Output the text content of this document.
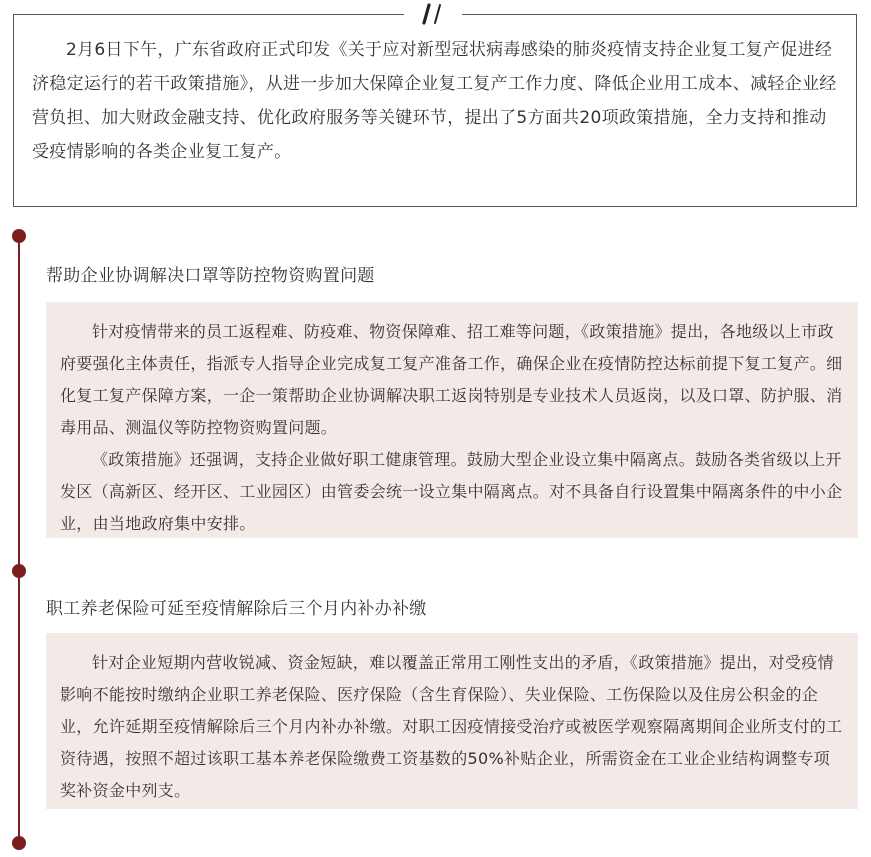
2月6日下午，广东省政府正式印发《关于应对新型冠状病毒感染的肺炎疫情支持企业复工复产促进经济稳定运行的若干政策措施》，从进一步加大保障企业复工复产工作力度、降低企业用工成本、减轻企业经营负担、加大财政金融支持、优化政府服务等关键环节，提出了5方面共20项政策措施，全力支持和推动受疫情影响的各类企业复工复产。

帮助企业协调解决口罩等防控物资购置问题

针对疫情带来的员工返程难、防疫难、物资保障难、招工难等问题，《政策措施》提出，各地级以上市政府要强化主体责任，指派专人指导企业完成复工复产准备工作，确保企业在疫情防控达标前提下复工复产。细化复工复产保障方案，一企一策帮助企业协调解决职工返岗特别是专业技术人员返岗，以及口罩、防护服、消毒用品、测温仪等防控物资购置问题。

《政策措施》还强调，支持企业做好职工健康管理。鼓励大型企业设立集中隔离点。鼓励各类省级以上开发区（高新区、经开区、工业园区）由管委会统一设立集中隔离点。对不具备自行设置集中隔离条件的中小企业，由当地政府集中安排。

职工养老保险可延至疫情解除后三个月内补办补缴

针对企业短期内营收锐减、资金短缺，难以覆盖正常用工刚性支出的矛盾，《政策措施》提出，对受疫情影响不能按时缴纳企业职工养老保险、医疗保险（含生育保险）、失业保险、工伤保险以及住房公积金的企业，允许延期至疫情解除后三个月内补办补缴。对职工因疫情接受治疗或被医学观察隔离期间企业所支付的工资待遇，按照不超过该职工基本养老保险缴费工资基数的50%补贴企业，所需资金在工业企业结构调整专项奖补资金中列支。
